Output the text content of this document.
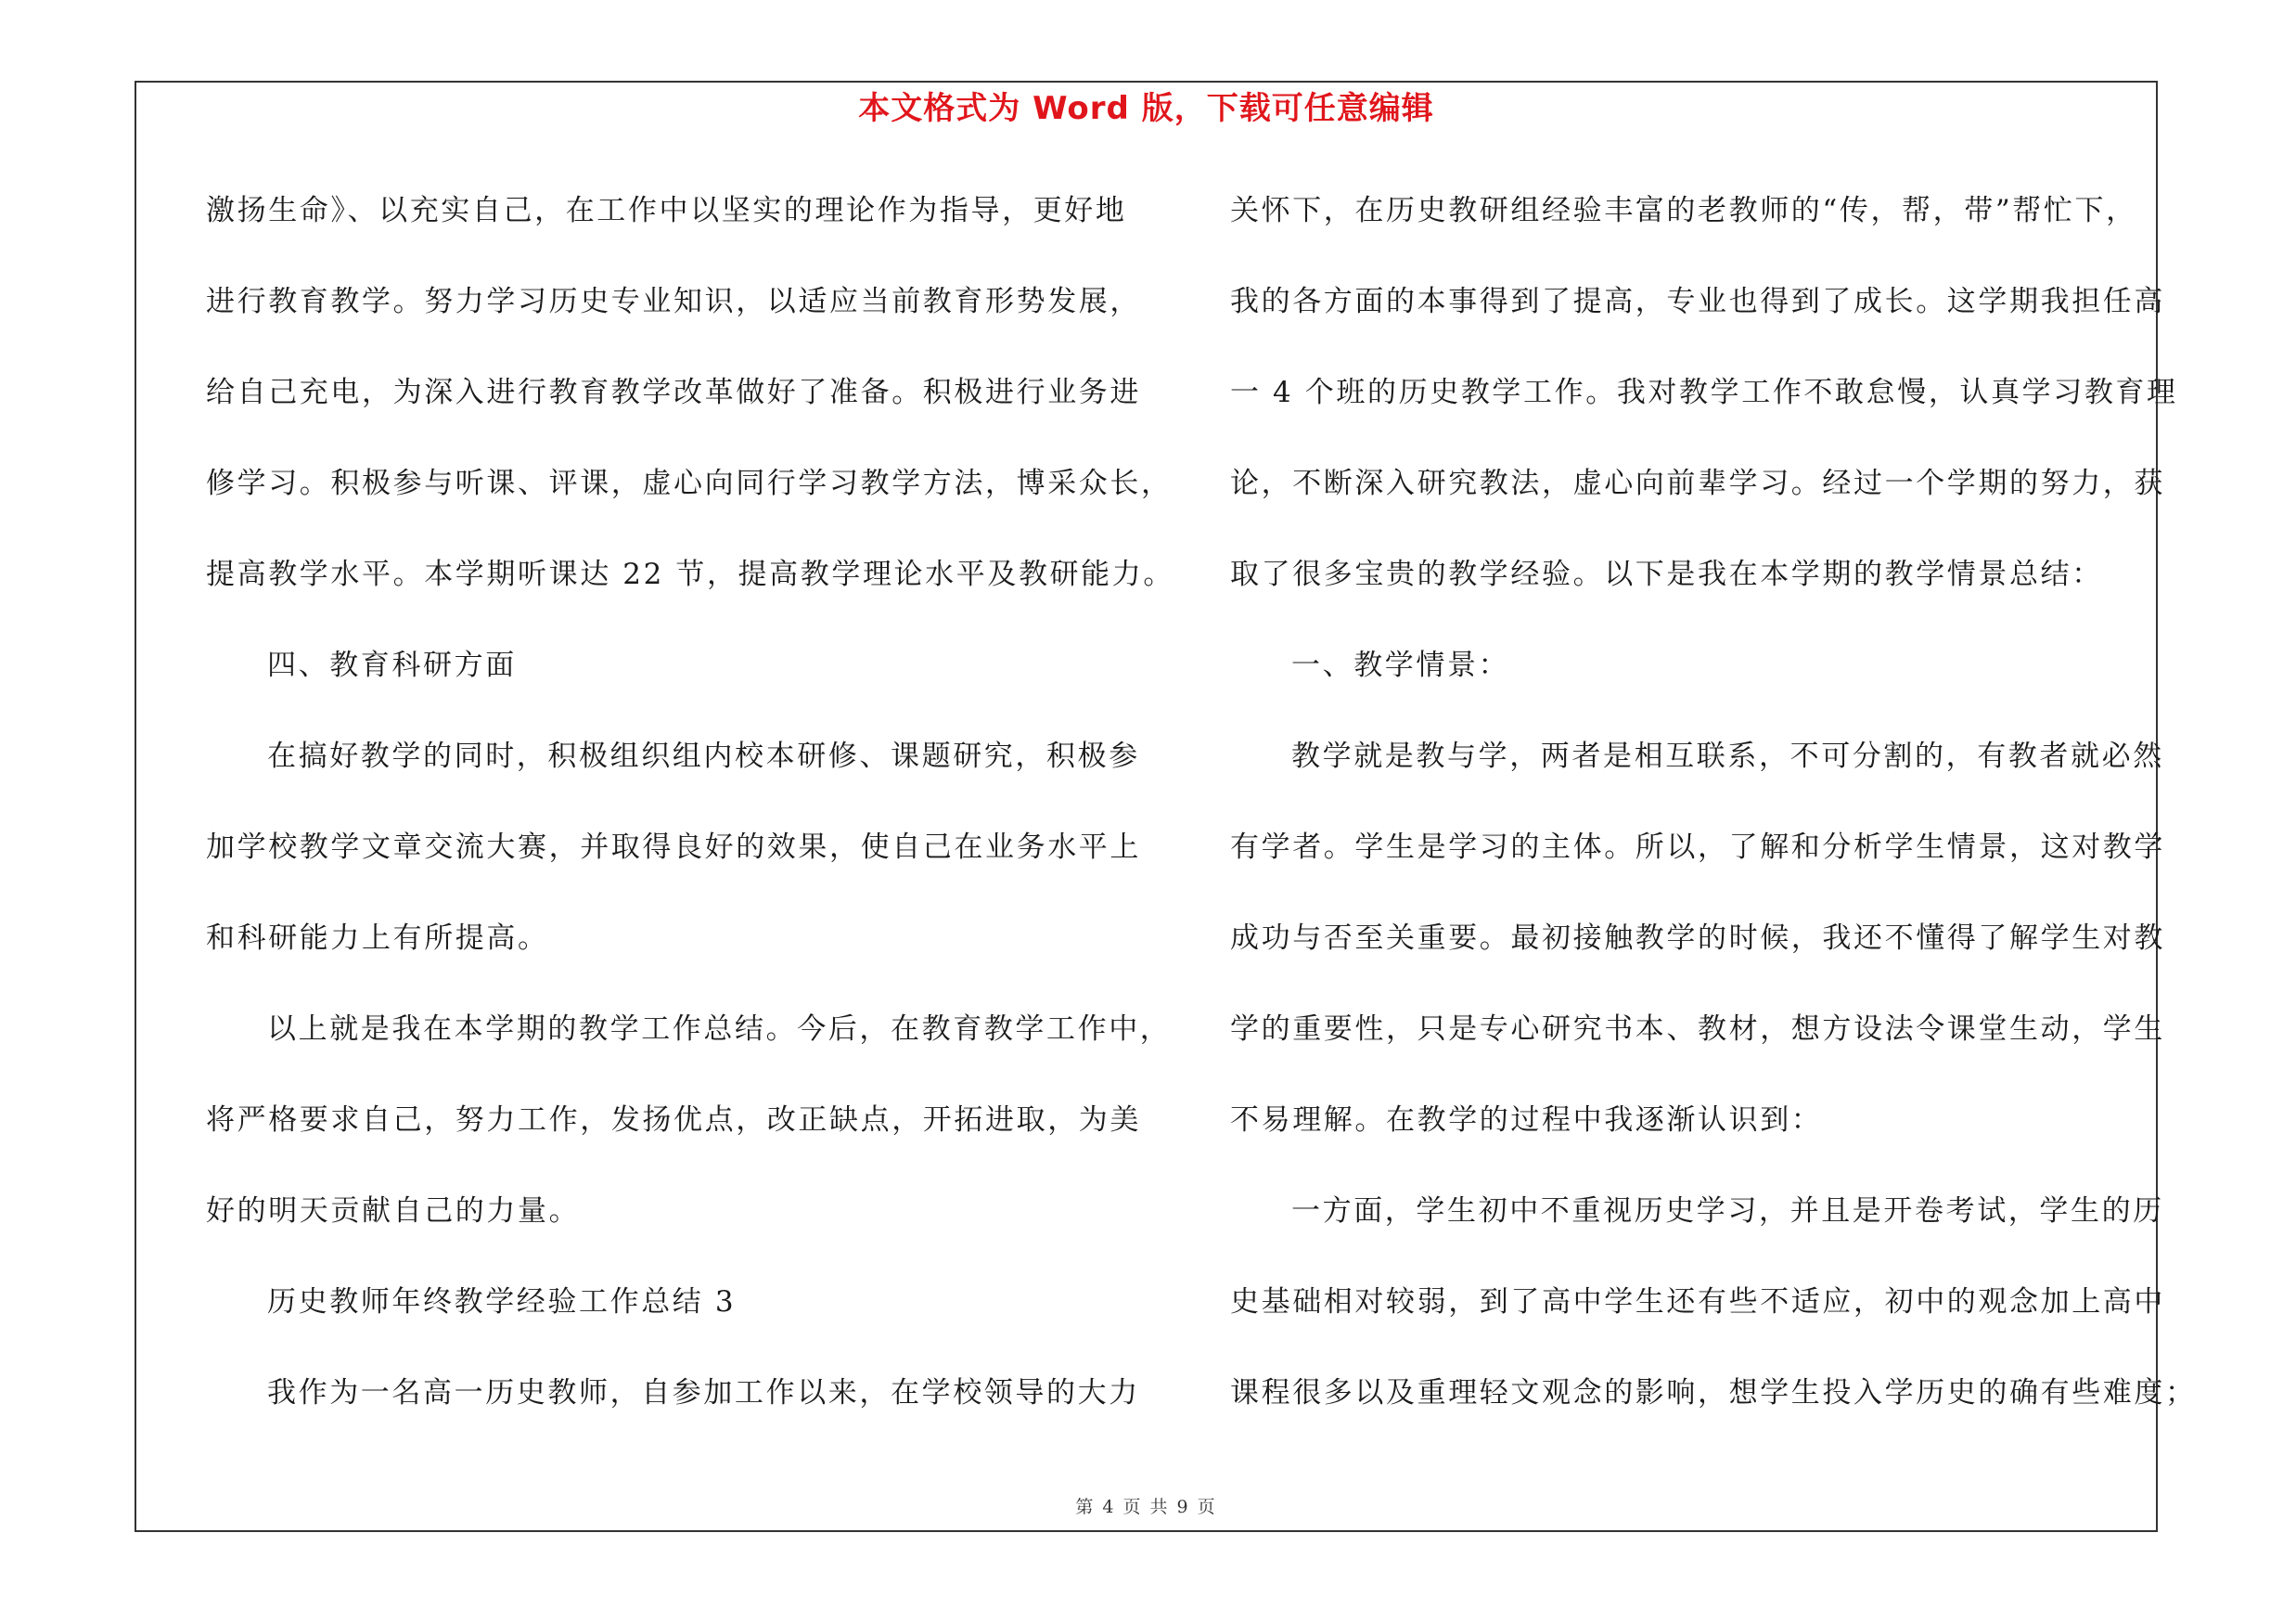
本文格式为 Word 版，下载可任意编辑
激扬生命》、以充实自己，在工作中以坚实的理论作为指导，更好地
进行教育教学。努力学习历史专业知识，以适应当前教育形势发展，
给自己充电，为深入进行教育教学改革做好了准备。积极进行业务进
修学习。积极参与听课、评课，虚心向同行学习教学方法，博采众长，
提高教学水平。本学期听课达 22 节，提高教学理论水平及教研能力。
四、教育科研方面
在搞好教学的同时，积极组织组内校本研修、课题研究，积极参
加学校教学文章交流大赛，并取得良好的效果，使自己在业务水平上
和科研能力上有所提高。
以上就是我在本学期的教学工作总结。今后，在教育教学工作中，
将严格要求自己，努力工作，发扬优点，改正缺点，开拓进取，为美
好的明天贡献自己的力量。
历史教师年终教学经验工作总结 3
我作为一名高一历史教师，自参加工作以来，在学校领导的大力
关怀下，在历史教研组经验丰富的老教师的“传，帮，带”帮忙下，
我的各方面的本事得到了提高，专业也得到了成长。这学期我担任高
一 4 个班的历史教学工作。我对教学工作不敢怠慢，认真学习教育理
论，不断深入研究教法，虚心向前辈学习。经过一个学期的努力，获
取了很多宝贵的教学经验。以下是我在本学期的教学情景总结：
一、教学情景：
教学就是教与学，两者是相互联系，不可分割的，有教者就必然
有学者。学生是学习的主体。所以，了解和分析学生情景，这对教学
成功与否至关重要。最初接触教学的时候，我还不懂得了解学生对教
学的重要性，只是专心研究书本、教材，想方设法令课堂生动，学生
不易理解。在教学的过程中我逐渐认识到：
一方面，学生初中不重视历史学习，并且是开卷考试，学生的历
史基础相对较弱，到了高中学生还有些不适应，初中的观念加上高中
课程很多以及重理轻文观念的影响，想学生投入学历史的确有些难度；
第 4 页 共 9 页
